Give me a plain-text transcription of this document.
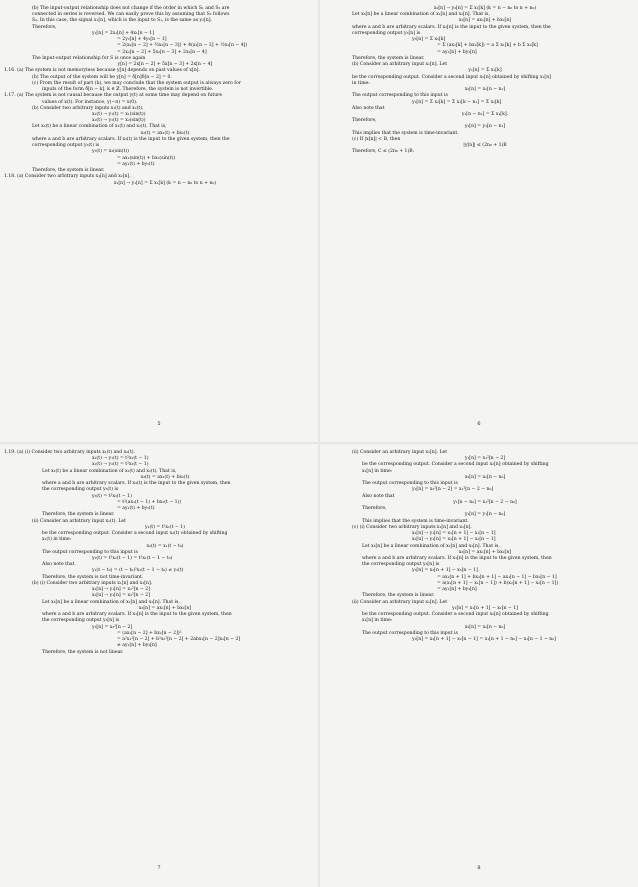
(b) The input-output relationship does not change if the order in which S₁ and S₂ are
connected in series is reversed. We can easily prove this by assuming that S₁ follows
S₂. In this case, the signal x₁[n], which is the input to S₁, is the same as y₂[n].
Therefore,
y₁[n] = 2x₁[n] + 4x₁[n − 1]
= 2y₂[n] + 4y₂[n − 1]
= 2(x₂[n − 2] + ½x₂[n − 3]) + 4(x₂[n − 3] + ½x₂[n − 4])
= 2x₂[n − 2] + 5x₂[n − 3] + 2x₂[n − 4]
The input-output relationship for S is once again
y[n] = 2x[n − 2] + 5x[n − 3] + 2x[n − 4]
1.16. (a) The system is not memoryless because y[n] depends on past values of x[n].
(b) The output of the system will be y[n] = δ[n]δ[n − 2] = 0.
(c) From the result of part (b), we may conclude that the system output is always zero for
inputs of the form δ[n − k], k ∈ ℤ. Therefore, the system is not invertible.
1.17. (a) The system is not causal because the output y(t) at some time may depend on future
values of x(t). For instance, y(−π) = x(0).
(b) Consider two arbitrary inputs x₁(t) and x₂(t).
x₁(t) → y₁(t) = x₁(sin(t))
x₂(t) → y₂(t) = x₂(sin(t))
Let x₃(t) be a linear combination of x₁(t) and x₂(t). That is,
x₃(t) = ax₁(t) + bx₂(t)
where a and b are arbitrary scalars. If x₃(t) is the input to the given system, then the
corresponding output y₃(t) is
y₃(t) = x₃(sin(t))
= ax₁(sin(t)) + bx₂(sin(t))
= ay₁(t) + by₂(t)
Therefore, the system is linear.
1.18. (a) Consider two arbitrary inputs x₁[n] and x₂[n].
x₁[n] → y₁[n] = Σ x₁[k] (k = n − n₀ to n + n₀)
5
x₂[n] → y₂[n] = Σ x₂[k] (k = n − n₀ to n + n₀)
Let x₃[n] be a linear combination of x₁[n] and x₂[n]. That is,
x₃[n] = ax₁[n] + bx₂[n]
where a and b are arbitrary scalars. If x₃[n] is the input to the given system, then the
corresponding output y₃[n] is
y₃[n] = Σ x₃[k]
= Σ (ax₁[k] + bx₂[k]) = a Σ x₁[k] + b Σ x₂[k]
= ay₁[n] + by₂[n]
Therefore, the system is linear.
(b) Consider an arbitrary input x₁[n]. Let
y₁[n] = Σ x₁[k]
be the corresponding output. Consider a second input x₂[n] obtained by shifting x₁[n]
in time:
x₂[n] = x₁[n − n₁]
The output corresponding to this input is
y₂[n] = Σ x₂[k] = Σ x₁[k − n₁] = Σ x₁[k]
Also note that
y₁[n − n₁] = Σ x₁[k].
Therefore,
y₂[n] = y₁[n − n₁]
This implies that the system is time-invariant.
(c) If |x[n]| < B, then
|y[n]| ≤ (2n₀ + 1)B
Therefore, C ≤ (2n₀ + 1)B.
6
1.19. (a) (i) Consider two arbitrary inputs x₁(t) and x₂(t).
x₁(t) → y₁(t) = t²x₁(t − 1)
x₂(t) → y₂(t) = t²x₂(t − 1)
Let x₃(t) be a linear combination of x₁(t) and x₂(t). That is,
x₃(t) = ax₁(t) + bx₂(t)
where a and b are arbitrary scalars. If x₃(t) is the input to the given system, then
the corresponding output y₃(t) is
y₃(t) = t²x₃(t − 1)
= t²(ax₁(t − 1) + bx₂(t − 1))
= ay₁(t) + by₂(t)
Therefore, the system is linear.
(ii) Consider an arbitrary input x₁(t). Let
y₁(t) = t²x₁(t − 1)
be the corresponding output. Consider a second input x₂(t) obtained by shifting
x₁(t) in time:
x₂(t) = x₁(t − t₀)
The output corresponding to this input is
y₂(t) = t²x₂(t − 1) = t²x₁(t − 1 − t₀)
Also note that
y₁(t − t₀) = (t − t₀)²x₁(t − 1 − t₀) ≠ y₂(t)
Therefore, the system is not time-invariant.
(b) (i) Consider two arbitrary inputs x₁[n] and x₂[n].
x₁[n] → y₁[n] = x₁²[n − 2]
x₂[n] → y₂[n] = x₂²[n − 2]
Let x₃[n] be a linear combination of x₁[n] and x₂[n]. That is,
x₃[n] = ax₁[n] + bx₂[n]
where a and b are arbitrary scalars. If x₃[n] is the input to the given system, then
the corresponding output y₃[n] is
y₃[n] = x₃²[n − 2]
= (ax₁[n − 2] + bx₂[n − 2])²
= a²x₁²[n − 2] + b²x₂²[n − 2] + 2abx₁[n − 2]x₂[n − 2]
≠ ay₁[n] + by₂[n]
Therefore, the system is not linear.
7
(ii) Consider an arbitrary input x₁[n]. Let
y₁[n] = x₁²[n − 2]
be the corresponding output. Consider a second input x₂[n] obtained by shifting
x₁[n] in time:
x₂[n] = x₁[n − n₀]
The output corresponding to this input is
y₂[n] = x₂²[n − 2] = x₁²[n − 2 − n₀]
Also note that
y₁[n − n₀] = x₁²[n − 2 − n₀]
Therefore,
y₂[n] = y₁[n − n₀]
This implies that the system is time-invariant.
(c) (i) Consider two arbitrary inputs x₁[n] and x₂[n].
x₁[n] → y₁[n] = x₁[n + 1] − x₁[n − 1]
x₂[n] → y₂[n] = x₂[n + 1] − x₂[n − 1]
Let x₃[n] be a linear combination of x₁[n] and x₂[n]. That is,
x₃[n] = ax₁[n] + bx₂[n]
where a and b are arbitrary scalars. If x₃[n] is the input to the given system, then
the corresponding output y₃[n] is
y₃[n] = x₃[n + 1] − x₃[n − 1]
= ax₁[n + 1] + bx₂[n + 1] − ax₁[n − 1] − bx₂[n − 1]
= a(x₁[n + 1] − x₁[n − 1]) + b(x₂[n + 1] − x₂[n − 1])
= ay₁[n] + by₂[n]
Therefore, the system is linear.
(ii) Consider an arbitrary input x₁[n]. Let
y₁[n] = x₁[n + 1] − x₁[n − 1]
be the corresponding output. Consider a second input x₂[n] obtained by shifting
x₁[n] in time:
x₂[n] = x₁[n − n₀]
The output corresponding to this input is
y₂[n] = x₂[n + 1] − x₂[n − 1] = x₁[n + 1 − n₀] − x₁[n − 1 − n₀]
8
